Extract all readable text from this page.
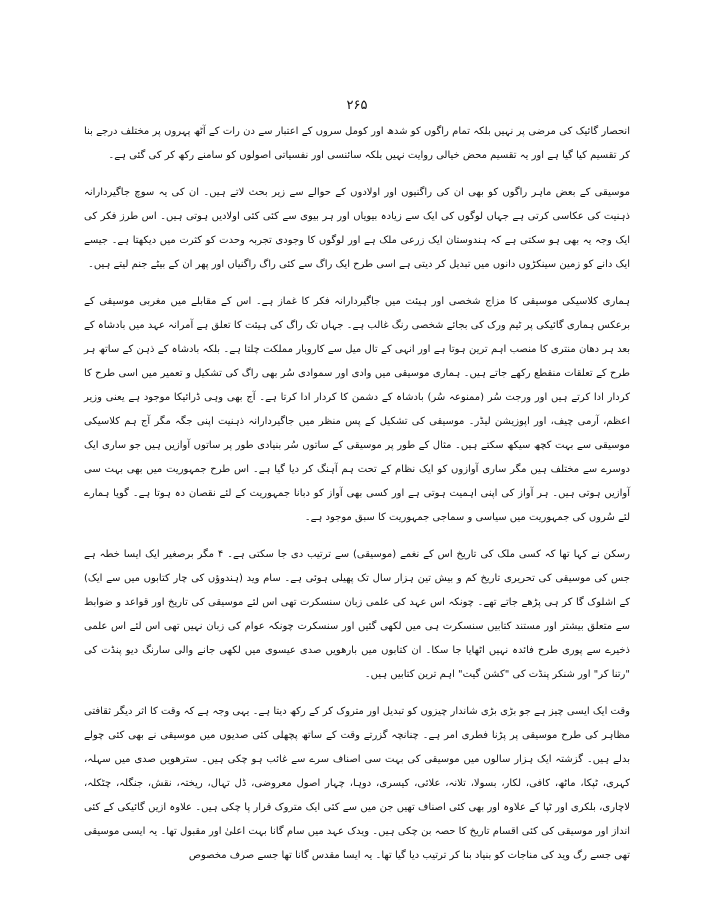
۲۶۵

انحصار گائیک کی مرضی پر نہیں بلکہ تمام راگوں کو شدھ اور کومل سروں کے اعتبار سے دن رات کے آٹھ پہروں پر مختلف درجے بنا کر تقسیم کیا گیا ہے اور یہ تقسیم محض خیالی روایت نہیں بلکہ سائنسی اور نفسیاتی اصولوں کو سامنے رکھ کر کی گئی ہے۔

موسیقی کے بعض ماہر راگوں کو بھی ان کی راگنیوں اور اولادوں کے حوالے سے زیر بحث لاتے ہیں۔ ان کی یہ سوچ جاگیردارانہ ذہنیت کی عکاسی کرتی ہے جہاں لوگوں کی ایک سے زیادہ بیویاں اور ہر بیوی سے کئی کئی اولادیں ہوتی ہیں۔ اس طرز فکر کی ایک وجہ یہ بھی ہو سکتی ہے کہ ہندوستان ایک زرعی ملک ہے اور لوگوں کا وجودی تجربہ وحدت کو کثرت میں دیکھتا ہے۔ جیسے ایک دانے کو زمین سینکڑوں دانوں میں تبدیل کر دیتی ہے اسی طرح ایک راگ سے کئی راگ راگنیاں اور پھر ان کے بیٹے جنم لیتے ہیں۔

ہماری کلاسیکی موسیقی کا مزاج شخصی اور ہیئت میں جاگیردارانہ فکر کا غماز ہے۔ اس کے مقابلے میں مغربی موسیقی کے برعکس ہماری گائیکی پر ٹیم ورک کی بجائے شخصی رنگ غالب ہے۔ جہاں تک راگ کی ہیئت کا تعلق ہے آمرانہ عہد میں بادشاہ کے بعد ہر دھان منتری کا منصب اہم ترین ہوتا ہے اور انہی کے تال میل سے کاروبار مملکت چلتا ہے۔ بلکہ بادشاہ کے ذہن کے ساتھ ہر طرح کے تعلقات منقطع رکھے جاتے ہیں۔ ہماری موسیقی میں وادی اور سموادی سُر بھی راگ کی تشکیل و تعمیر میں اسی طرح کا کردار ادا کرتے ہیں اور ورجت سُر (ممنوعہ سُر) بادشاہ کے دشمن کا کردار ادا کرتا ہے۔ آج بھی وہی ڈرائیکا موجود ہے یعنی وزیر اعظم، آرمی چیف، اور اپوزیشن لیڈر۔ موسیقی کی تشکیل کے پس منظر میں جاگیردارانہ ذہنیت اپنی جگہ مگر آج ہم کلاسیکی موسیقی سے بہت کچھ سیکھ سکتے ہیں۔ مثال کے طور پر موسیقی کے ساتوں سُر بنیادی طور پر ساتوں آوازیں ہیں جو ساری ایک دوسرے سے مختلف ہیں مگر ساری آوازوں کو ایک نظام کے تحت ہم آہنگ کر دیا گیا ہے۔ اس طرح جمہوریت میں بھی بہت سی آوازیں ہوتی ہیں۔ ہر آواز کی اپنی اہمیت ہوتی ہے اور کسی بھی آواز کو دبانا جمہوریت کے لئے نقصان دہ ہوتا ہے۔ گویا ہمارے لئے سُروں کی جمہوریت میں سیاسی و سماجی جمہوریت کا سبق موجود ہے۔

رسکن نے کہا تھا کہ کسی ملک کی تاریخ اس کے نغمے (موسیقی) سے ترتیب دی جا سکتی ہے۔ ۴ مگر برصغیر ایک ایسا خطہ ہے جس کی موسیقی کی تحریری تاریخ کم و بیش تین ہزار سال تک پھیلی ہوئی ہے۔ سام وید (ہندوؤں کی چار کتابوں میں سے ایک) کے اشلوک گا کر ہی پڑھے جاتے تھے۔ چونکہ اس عہد کی علمی زبان سنسکرت تھی اس لئے موسیقی کی تاریخ اور قواعد و ضوابط سے متعلق بیشتر اور مستند کتابیں سنسکرت ہی میں لکھی گئیں اور سنسکرت چونکہ عوام کی زبان نہیں تھی اس لئے اس علمی ذخیرے سے پوری طرح فائدہ نہیں اٹھایا جا سکا۔ ان کتابوں میں بارھویں صدی عیسوی میں لکھی جانے والی سارنگ دیو پنڈت کی "رتنا کر" اور شنکر پنڈت کی "کشن گیت" اہم ترین کتابیں ہیں۔

وقت ایک ایسی چیز ہے جو بڑی بڑی شاندار چیزوں کو تبدیل اور متروک کر کے رکھ دیتا ہے۔ یہی وجہ ہے کہ وقت کا اثر دیگر ثقافتی مظاہر کی طرح موسیقی پر پڑنا فطری امر ہے۔ چنانچہ گزرتے وقت کے ساتھ پچھلی کئی صدیوں میں موسیقی نے بھی کئی چولے بدلے ہیں۔ گزشتہ ایک ہزار سالوں میں موسیقی کی بہت سی اصناف سرے سے غائب ہو چکی ہیں۔ سترھویں صدی میں سہلہ، کہری، ٹپکا، ماٹھ، کافی، لکار، بسولا، تلانہ، علائی، کیسری، دوہا، چہار اصول معروضی، ڈل تہال، ریختہ، نقش، جنگلہ، چٹکلہ، لاچاری، بلکری اور ٹپا کے علاوہ اور بھی کئی اصناف تھیں جن میں سے کئی ایک متروک قرار پا چکی ہیں۔ علاوہ ازیں گائیکی کے کئی انداز اور موسیقی کی کئی اقسام تاریخ کا حصہ بن چکی ہیں۔ ویدک عہد میں سام گانا بہت اعلیٰ اور مقبول تھا۔ یہ ایسی موسیقی تھی جسے رگ وید کی مناجات کو بنیاد بنا کر ترتیب دیا گیا تھا۔ یہ ایسا مقدس گانا تھا جسے صرف مخصوص
